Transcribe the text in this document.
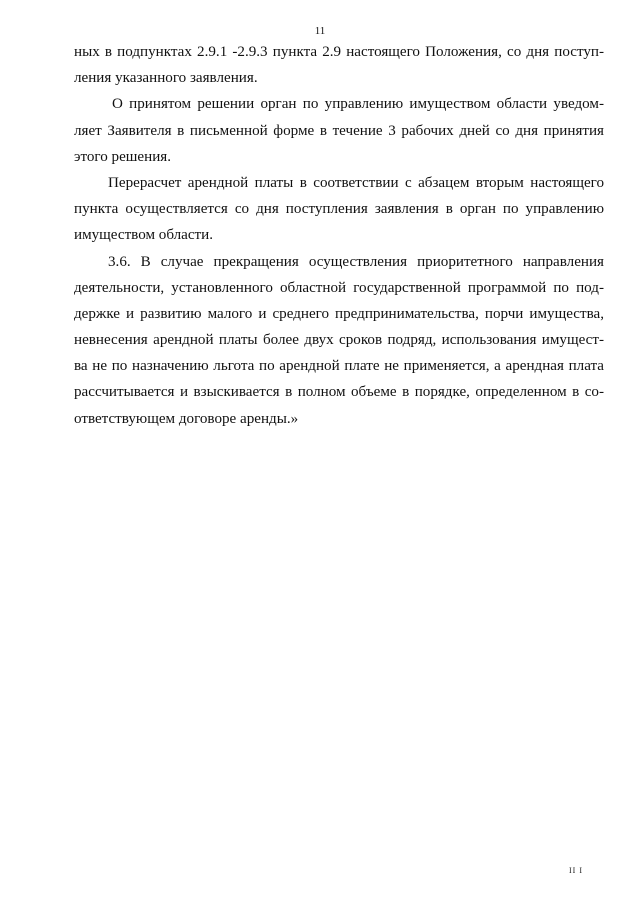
11
ных в подпунктах 2.9.1 -2.9.3 пункта 2.9 настоящего Положения, со дня поступ-
ления указанного заявления.
О принятом решении орган по управлению имуществом области уведом-
ляет Заявителя в письменной форме в течение 3 рабочих дней со дня принятия
этого решения.
Перерасчет арендной платы в соответствии с абзацем вторым настоящего
пункта осуществляется со дня поступления заявления в орган по управлению
имуществом области.
3.6. В случае прекращения осуществления приоритетного направления
деятельности, установленного областной государственной программой по под-
держке и развитию малого и среднего предпринимательства, порчи имущества,
невнесения арендной платы более двух сроков подряд, использования имущест-
ва не по назначению льгота по арендной плате не применяется, а арендная плата
рассчитывается и взыскивается в полном объеме в порядке, определенном в со-
ответствующем договоре аренды.»
II I
